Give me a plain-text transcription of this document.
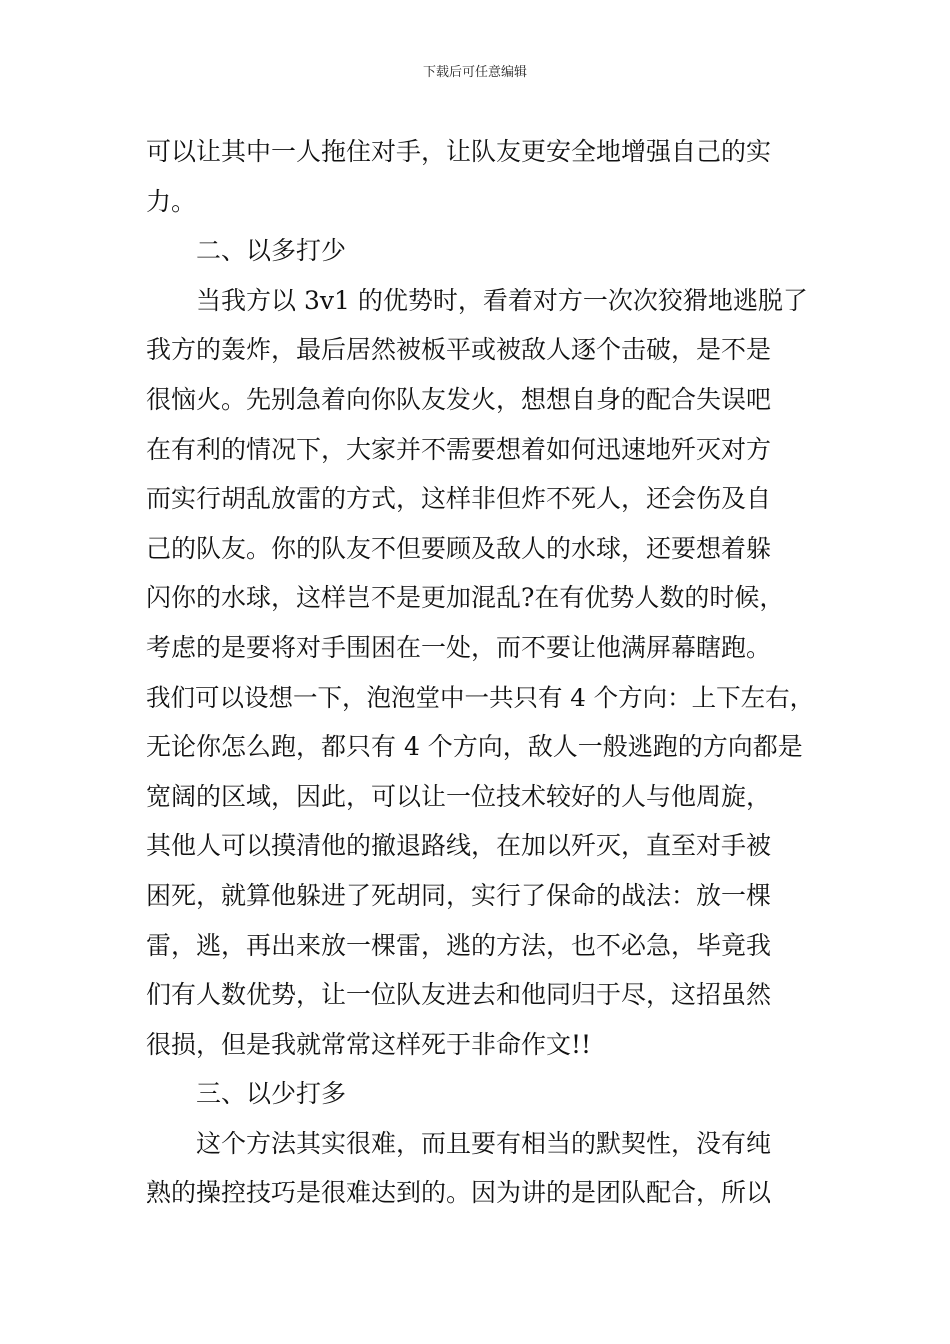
下载后可任意编辑
可以让其中一人拖住对手，让队友更安全地增强自己的实
力。
二、以多打少
当我方以 3v1 的优势时，看着对方一次次狡猾地逃脱了
我方的轰炸，最后居然被板平或被敌人逐个击破，是不是
很恼火。先别急着向你队友发火，想想自身的配合失误吧
在有利的情况下，大家并不需要想着如何迅速地歼灭对方
而实行胡乱放雷的方式，这样非但炸不死人，还会伤及自
己的队友。你的队友不但要顾及敌人的水球，还要想着躲
闪你的水球，这样岂不是更加混乱?在有优势人数的时候，
考虑的是要将对手围困在一处，而不要让他满屏幕瞎跑。
我们可以设想一下，泡泡堂中一共只有 4 个方向：上下左右，
无论你怎么跑，都只有 4 个方向，敌人一般逃跑的方向都是
宽阔的区域，因此，可以让一位技术较好的人与他周旋，
其他人可以摸清他的撤退路线，在加以歼灭，直至对手被
困死，就算他躲进了死胡同，实行了保命的战法：放一棵
雷，逃，再出来放一棵雷，逃的方法，也不必急，毕竟我
们有人数优势，让一位队友进去和他同归于尽，这招虽然
很损，但是我就常常这样死于非命作文!!
三、以少打多
这个方法其实很难，而且要有相当的默契性，没有纯
熟的操控技巧是很难达到的。因为讲的是团队配合，所以
